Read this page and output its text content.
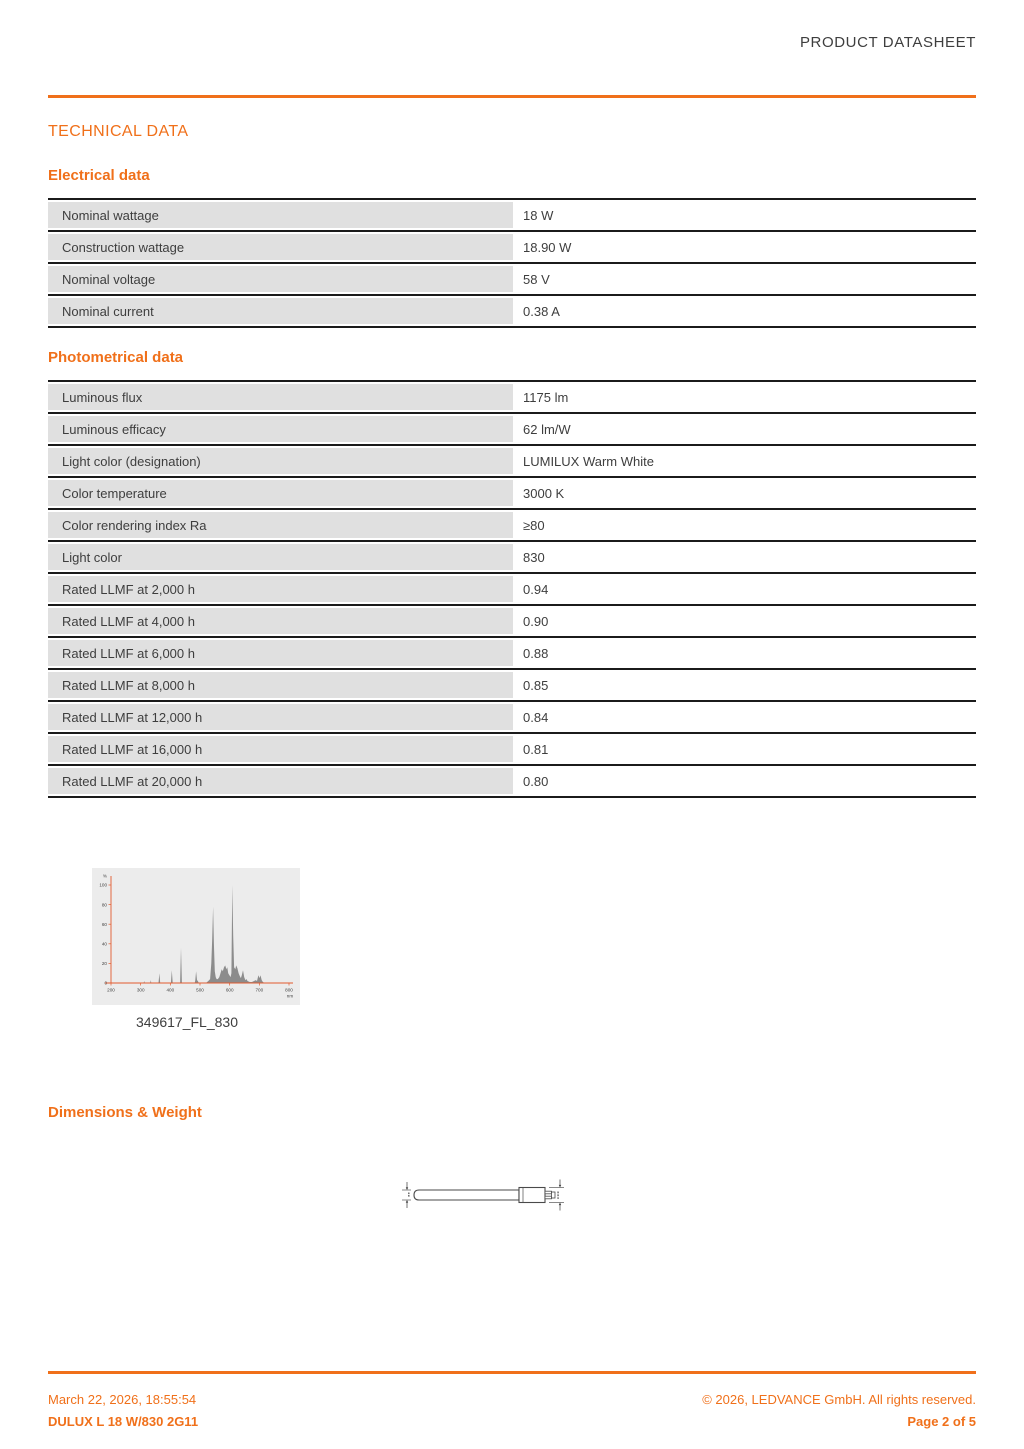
PRODUCT DATASHEET
TECHNICAL DATA
Electrical data
Nominal wattage	18 W
Construction wattage	18.90 W
Nominal voltage	58 V
Nominal current	0.38 A
Photometrical data
Luminous flux	1175 lm
Luminous efficacy	62 lm/W
Light color (designation)	LUMILUX Warm White
Color temperature	3000 K
Color rendering index Ra	≥80
Light color	830
Rated LLMF at 2,000 h	0.94
Rated LLMF at 4,000 h	0.90
Rated LLMF at 6,000 h	0.88
Rated LLMF at 8,000 h	0.85
Rated LLMF at 12,000 h	0.84
Rated LLMF at 16,000 h	0.81
Rated LLMF at 20,000 h	0.80
0
20
40
60
80
100
%
200	300	400	500	600	700	800
nm
349617_FL_830
Dimensions & Weight
March 22, 2026, 18:55:54
DULUX L 18 W/830 2G11
© 2026, LEDVANCE GmbH. All rights reserved.
Page 2 of 5
